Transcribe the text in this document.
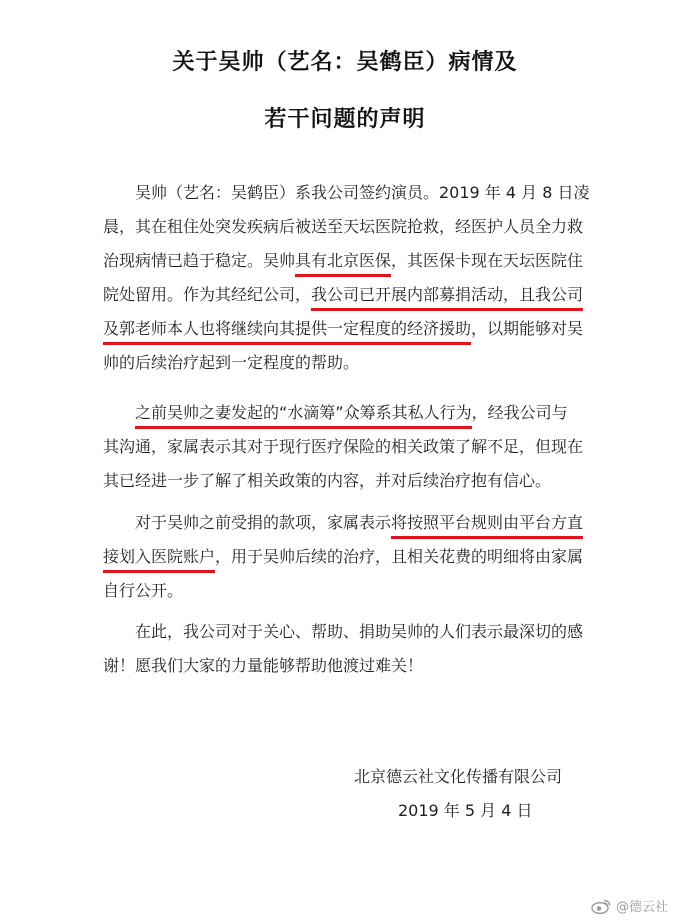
关于吴帅（艺名：吴鹤臣）病情及
若干问题的声明
吴帅（艺名：吴鹤臣）系我公司签约演员。2019 年 4 月 8 日凌
晨，其在租住处突发疾病后被送至天坛医院抢救，经医护人员全力救
治现病情已趋于稳定。 吴帅具有北京医保，其医保卡现在天坛医院住
院处留用。作为其经纪公司，我公司已开展内部募捐活动，且我公司
及郭老师本人也将继续向其提供一定程度的经济援助，以期能够对吴
帅的后续治疗起到一定程度的帮助。
之前吴帅之妻发起的“水滴筹”众筹系其私人行为，经我公司与
其沟通，家属表示其对于现行医疗保险的相关政策了解不足，但现在
其已经进一步了解了相关政策的内容，并对后续治疗抱有信心。
对于吴帅之前受捐的款项，家属表示将按照平台规则由平台方直
接划入医院账户，用于吴帅后续的治疗，且相关花费的明细将由家属
自行公开。
在此，我公司对于关心、帮助、捐助吴帅的人们表示最深切的感
谢！愿我们大家的力量能够帮助他渡过难关！
北京德云社文化传播有限公司
2019 年 5 月 4 日
@德云社
